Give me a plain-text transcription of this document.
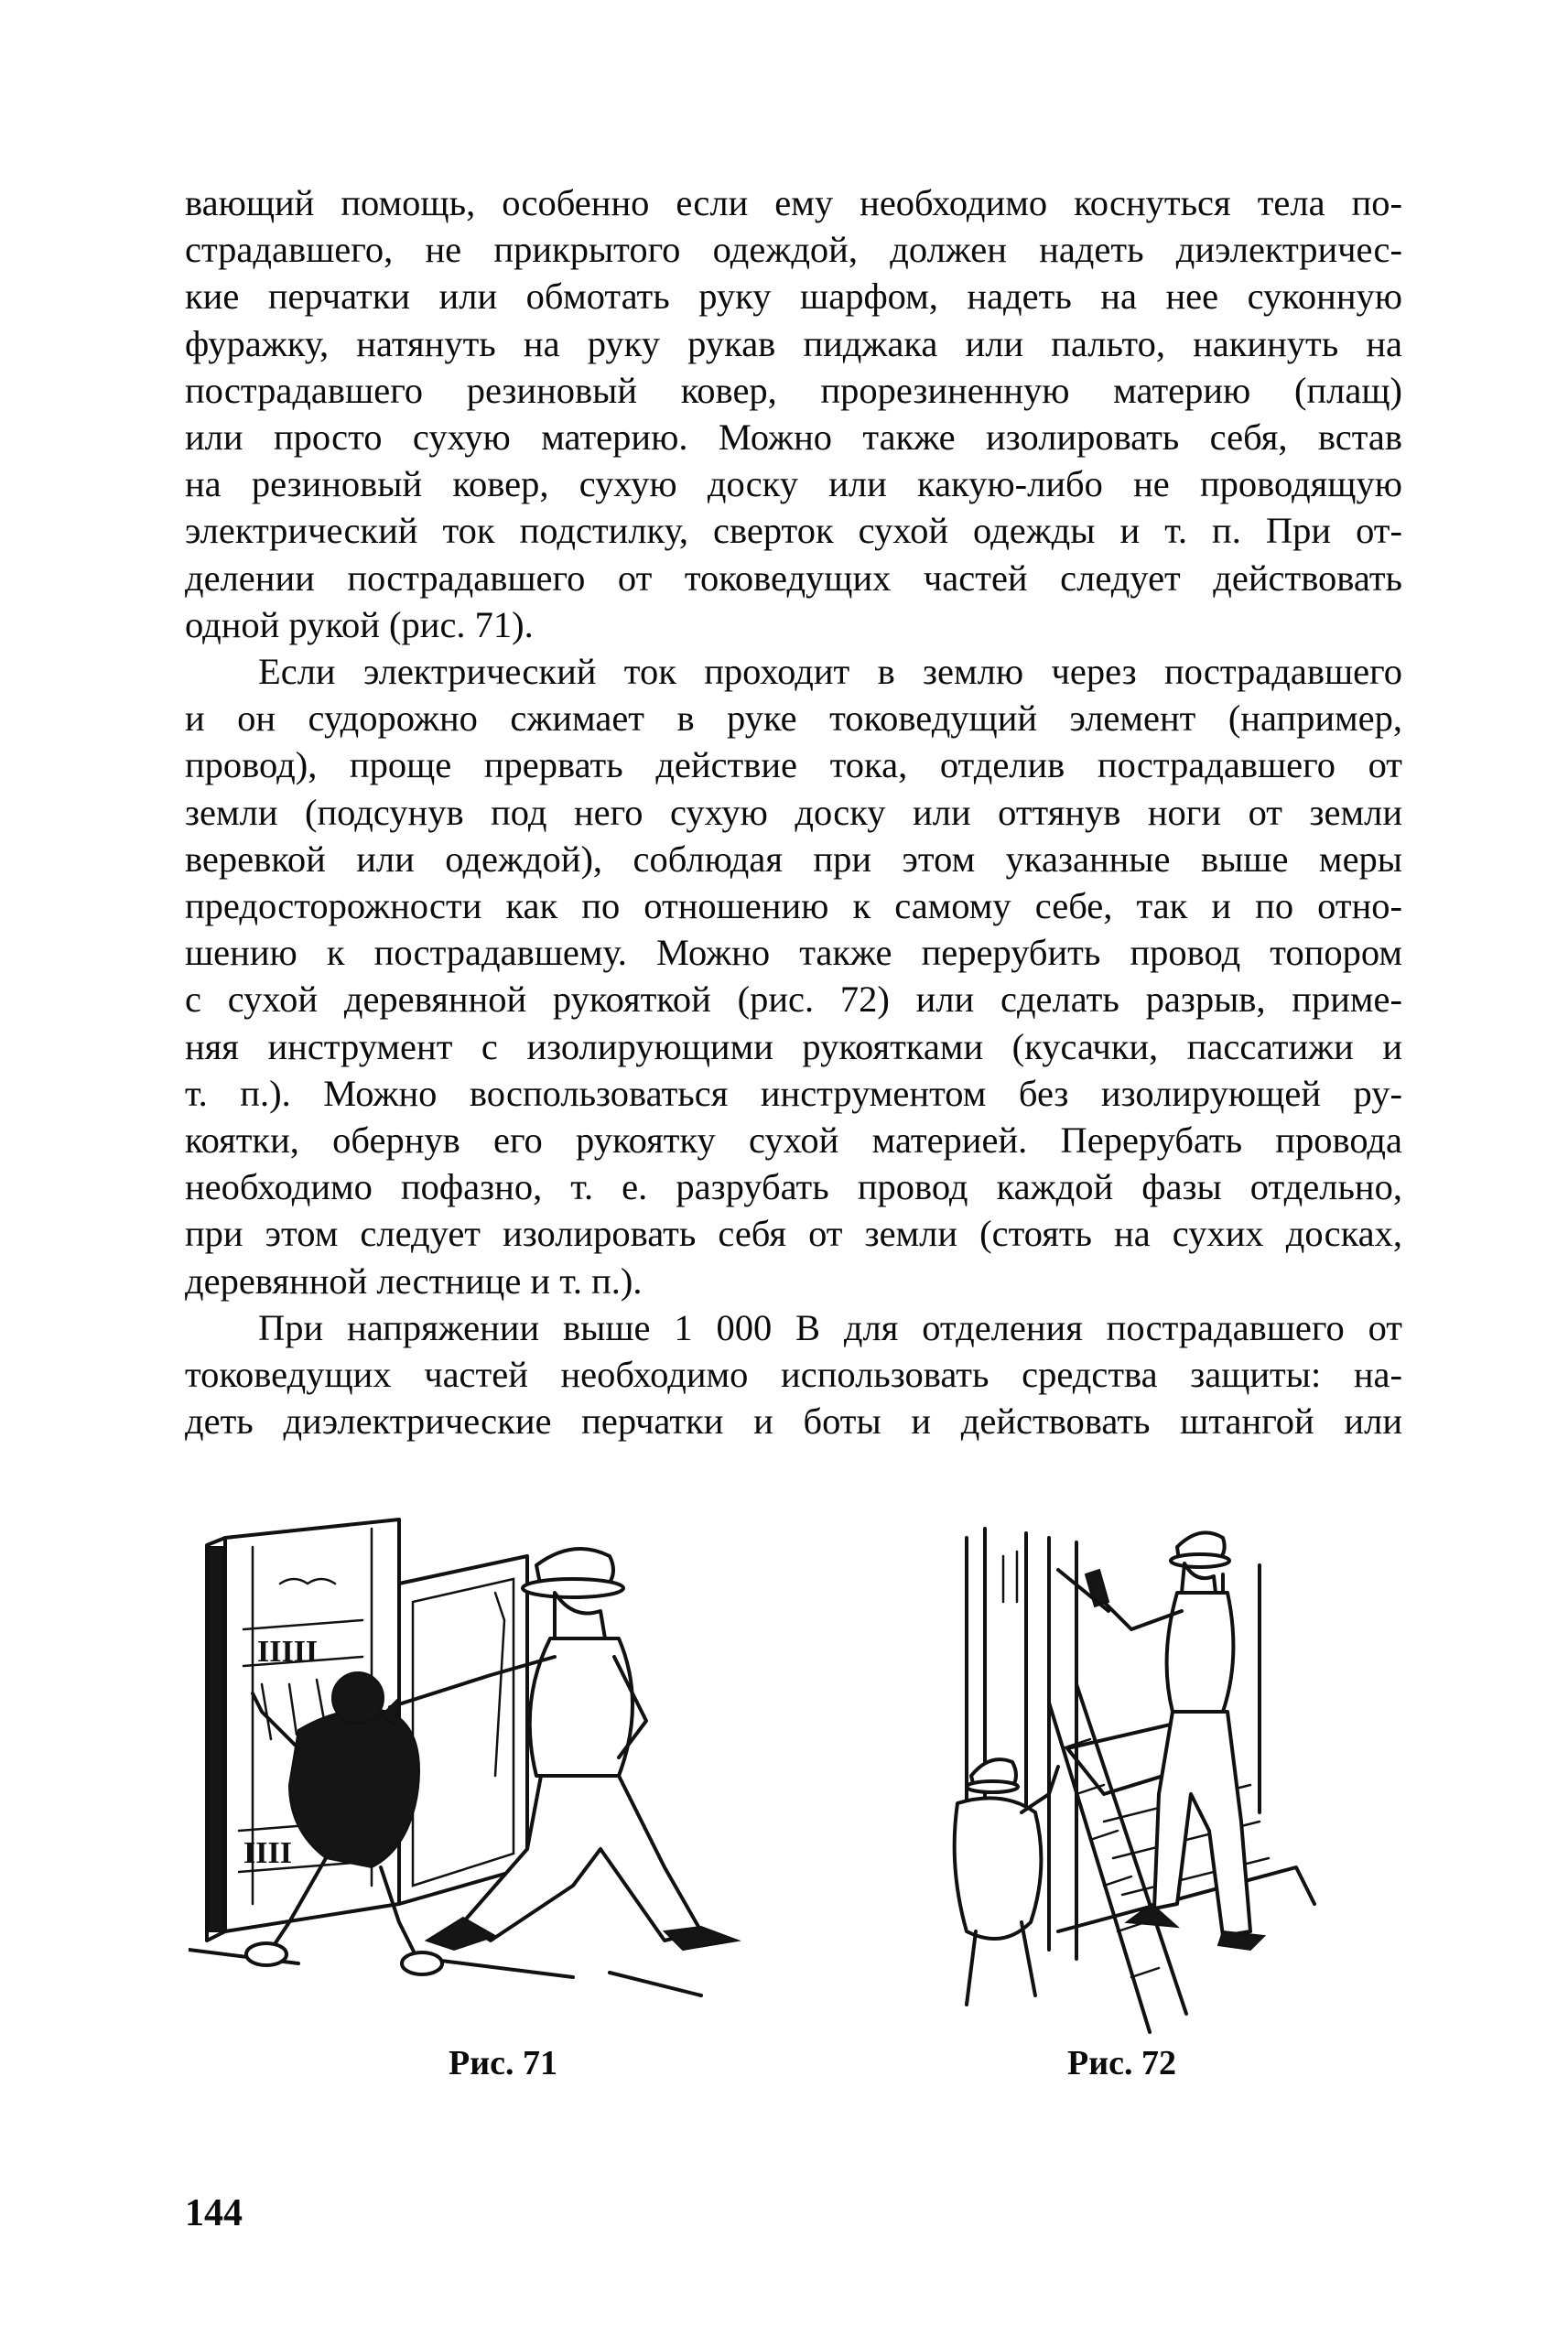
вающий помощь, особенно если ему необходимо коснуться тела по-
страдавшего, не прикрытого одеждой, должен надеть диэлектричес-
кие перчатки или обмотать руку шарфом, надеть на нее суконную
фуражку, натянуть на руку рукав пиджака или пальто, накинуть на
пострадавшего резиновый ковер, прорезиненную материю (плащ)
или просто сухую материю. Можно также изолировать себя, встав
на резиновый ковер, сухую доску или какую-либо не проводящую
электрический ток подстилку, сверток сухой одежды и т. п. При от-
делении пострадавшего от токоведущих частей следует действовать
одной рукой (рис. 71).

Если электрический ток проходит в землю через пострадавшего
и он судорожно сжимает в руке токоведущий элемент (например,
провод), проще прервать действие тока, отделив пострадавшего от
земли (подсунув под него сухую доску или оттянув ноги от земли
веревкой или одеждой), соблюдая при этом указанные выше меры
предосторожности как по отношению к самому себе, так и по отно-
шению к пострадавшему. Можно также перерубить провод топором
с сухой деревянной рукояткой (рис. 72) или сделать разрыв, приме-
няя инструмент с изолирующими рукоятками (кусачки, пассатижи и
т. п.). Можно воспользоваться инструментом без изолирующей ру-
коятки, обернув его рукоятку сухой материей. Перерубать провода
необходимо пофазно, т. е. разрубать провод каждой фазы отдельно,
при этом следует изолировать себя от земли (стоять на сухих досках,
деревянной лестнице и т. п.).

При напряжении выше 1 000 В для отделения пострадавшего от
токоведущих частей необходимо использовать средства защиты: на-
деть диэлектрические перчатки и боты и действовать штангой или

IIIII
IIII
Рис. 71	Рис. 72
144
